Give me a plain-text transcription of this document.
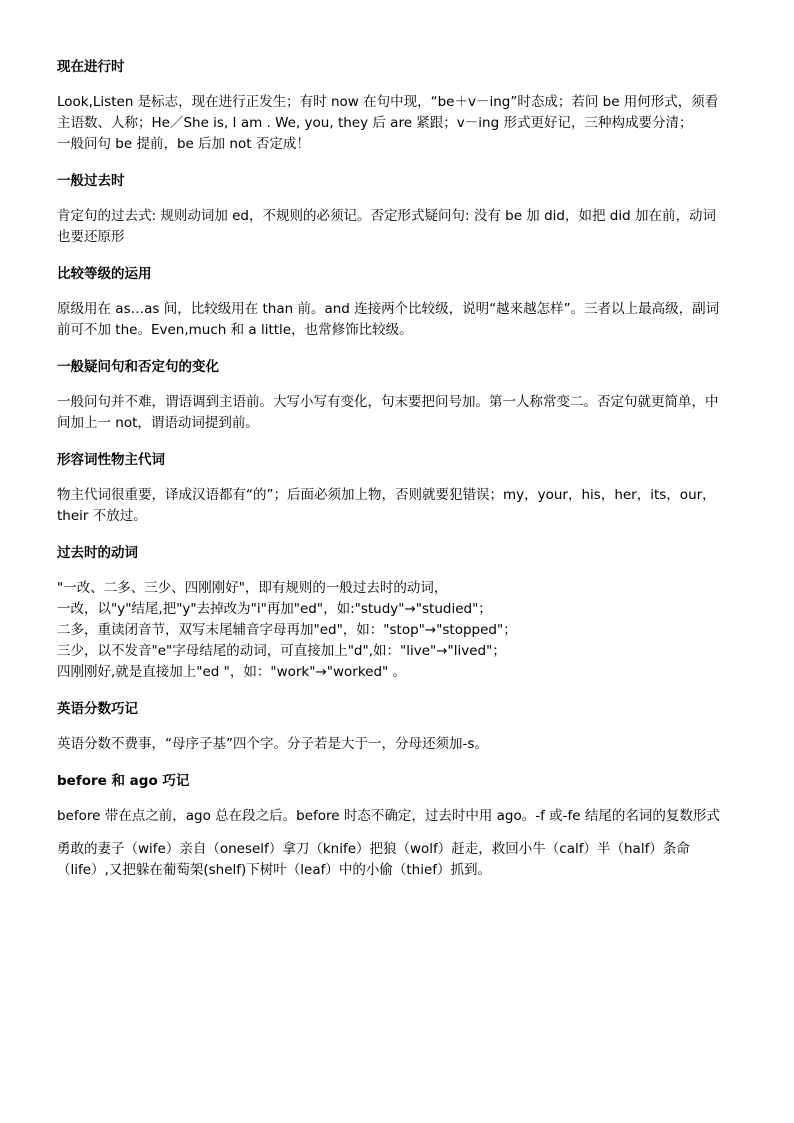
现在进行时
Look,Listen 是标志，现在进行正发生；有时 now 在句中现，“be＋v－ing”时态成；若问 be 用何形式，须看
主语数、人称；He／She is, I am . We, you, they 后 are 紧跟；v－ing 形式更好记，三种构成要分清；
一般问句 be 提前，be 后加 not 否定成！
一般过去时
肯定句的过去式: 规则动词加 ed，不规则的必须记。否定形式疑问句: 没有 be 加 did，如把 did 加在前，动词
也要还原形
比较等级的运用
原级用在 as…as 间，比较级用在 than 前。and 连接两个比较级，说明“越来越怎样”。三者以上最高级，副词
前可不加 the。Even,much 和 a little，也常修饰比较级。
一般疑问句和否定句的变化
一般问句并不难，谓语调到主语前。大写小写有变化，句末要把问号加。第一人称常变二。否定句就更简单，中
间加上一 not，谓语动词提到前。
形容词性物主代词
物主代词很重要，译成汉语都有“的”；后面必须加上物，否则就要犯错误；my，your，his，her，its，our，
their 不放过。
过去时的动词
"一改、二多、三少、四刚刚好"，即有规则的一般过去时的动词，
一改，以"y"结尾,把"y"去掉改为"i"再加"ed"，如:"study"→"studied"；
二多，重读闭音节，双写末尾辅音字母再加"ed"，如："stop"→"stopped"；
三少，以不发音"e"字母结尾的动词，可直接加上"d",如："live"→"lived"；
四刚刚好,就是直接加上"ed "，如："work"→"worked" 。
英语分数巧记
英语分数不费事，“母序子基”四个字。分子若是大于一，分母还须加-s。
before 和 ago 巧记
before 带在点之前，ago 总在段之后。before 时态不确定，过去时中用 ago。-f 或-fe 结尾的名词的复数形式
勇敢的妻子（wife）亲自（oneself）拿刀（knife）把狼（wolf）赶走，救回小牛（calf）半（half）条命
（life）,又把躲在葡萄架(shelf)下树叶（leaf）中的小偷（thief）抓到。
